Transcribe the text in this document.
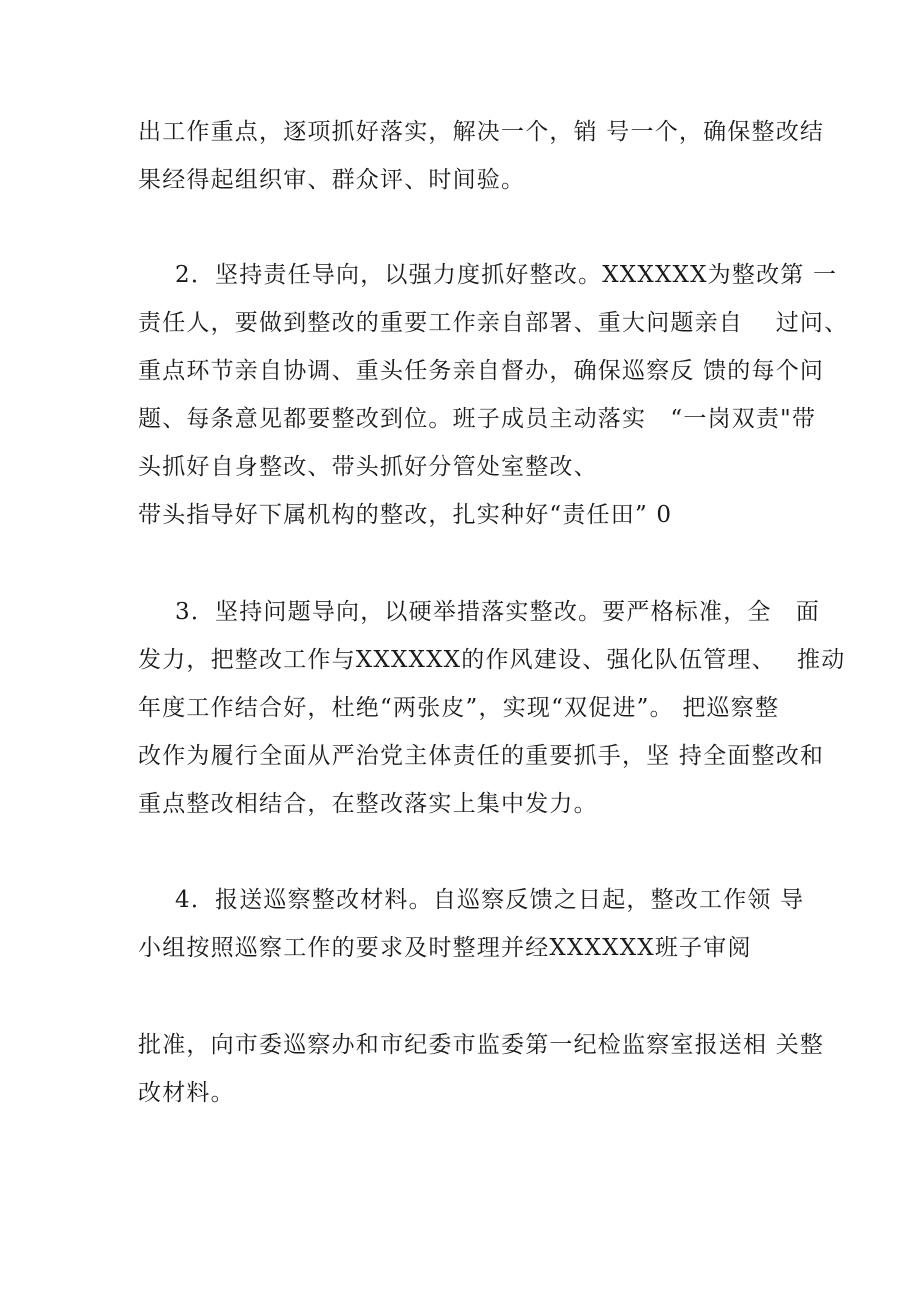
出工作重点，逐项抓好落实，解决一个，销 号一个，确保整改结
果经得起组织审、群众评、时间验。
2．坚持责任导向，以强力度抓好整改。XXXXXX为整改第 一
责任人，要做到整改的重要工作亲自部署、重大问题亲自　 过问、
重点环节亲自协调、重头任务亲自督办，确保巡察反 馈的每个问
题、每条意见都要整改到位。班子成员主动落实　“一岗双责"带
头抓好自身整改、带头抓好分管处室整改、
带头指导好下属机构的整改，扎实种好“责任田” 0
3．坚持问题导向，以硬举措落实整改。要严格标准，全　面
发力，把整改工作与XXXXXX的作风建设、强化队伍管理、　 推动
年度工作结合好，杜绝“两张皮”，实现“双促进”。 把巡察整
改作为履行全面从严治党主体责任的重要抓手，坚 持全面整改和
重点整改相结合，在整改落实上集中发力。
4．报送巡察整改材料。自巡察反馈之日起，整改工作领 导
小组按照巡察工作的要求及时整理并经XXXXXX班子审阅
批准，向市委巡察办和市纪委市监委第一纪检监察室报送相 关整
改材料。
